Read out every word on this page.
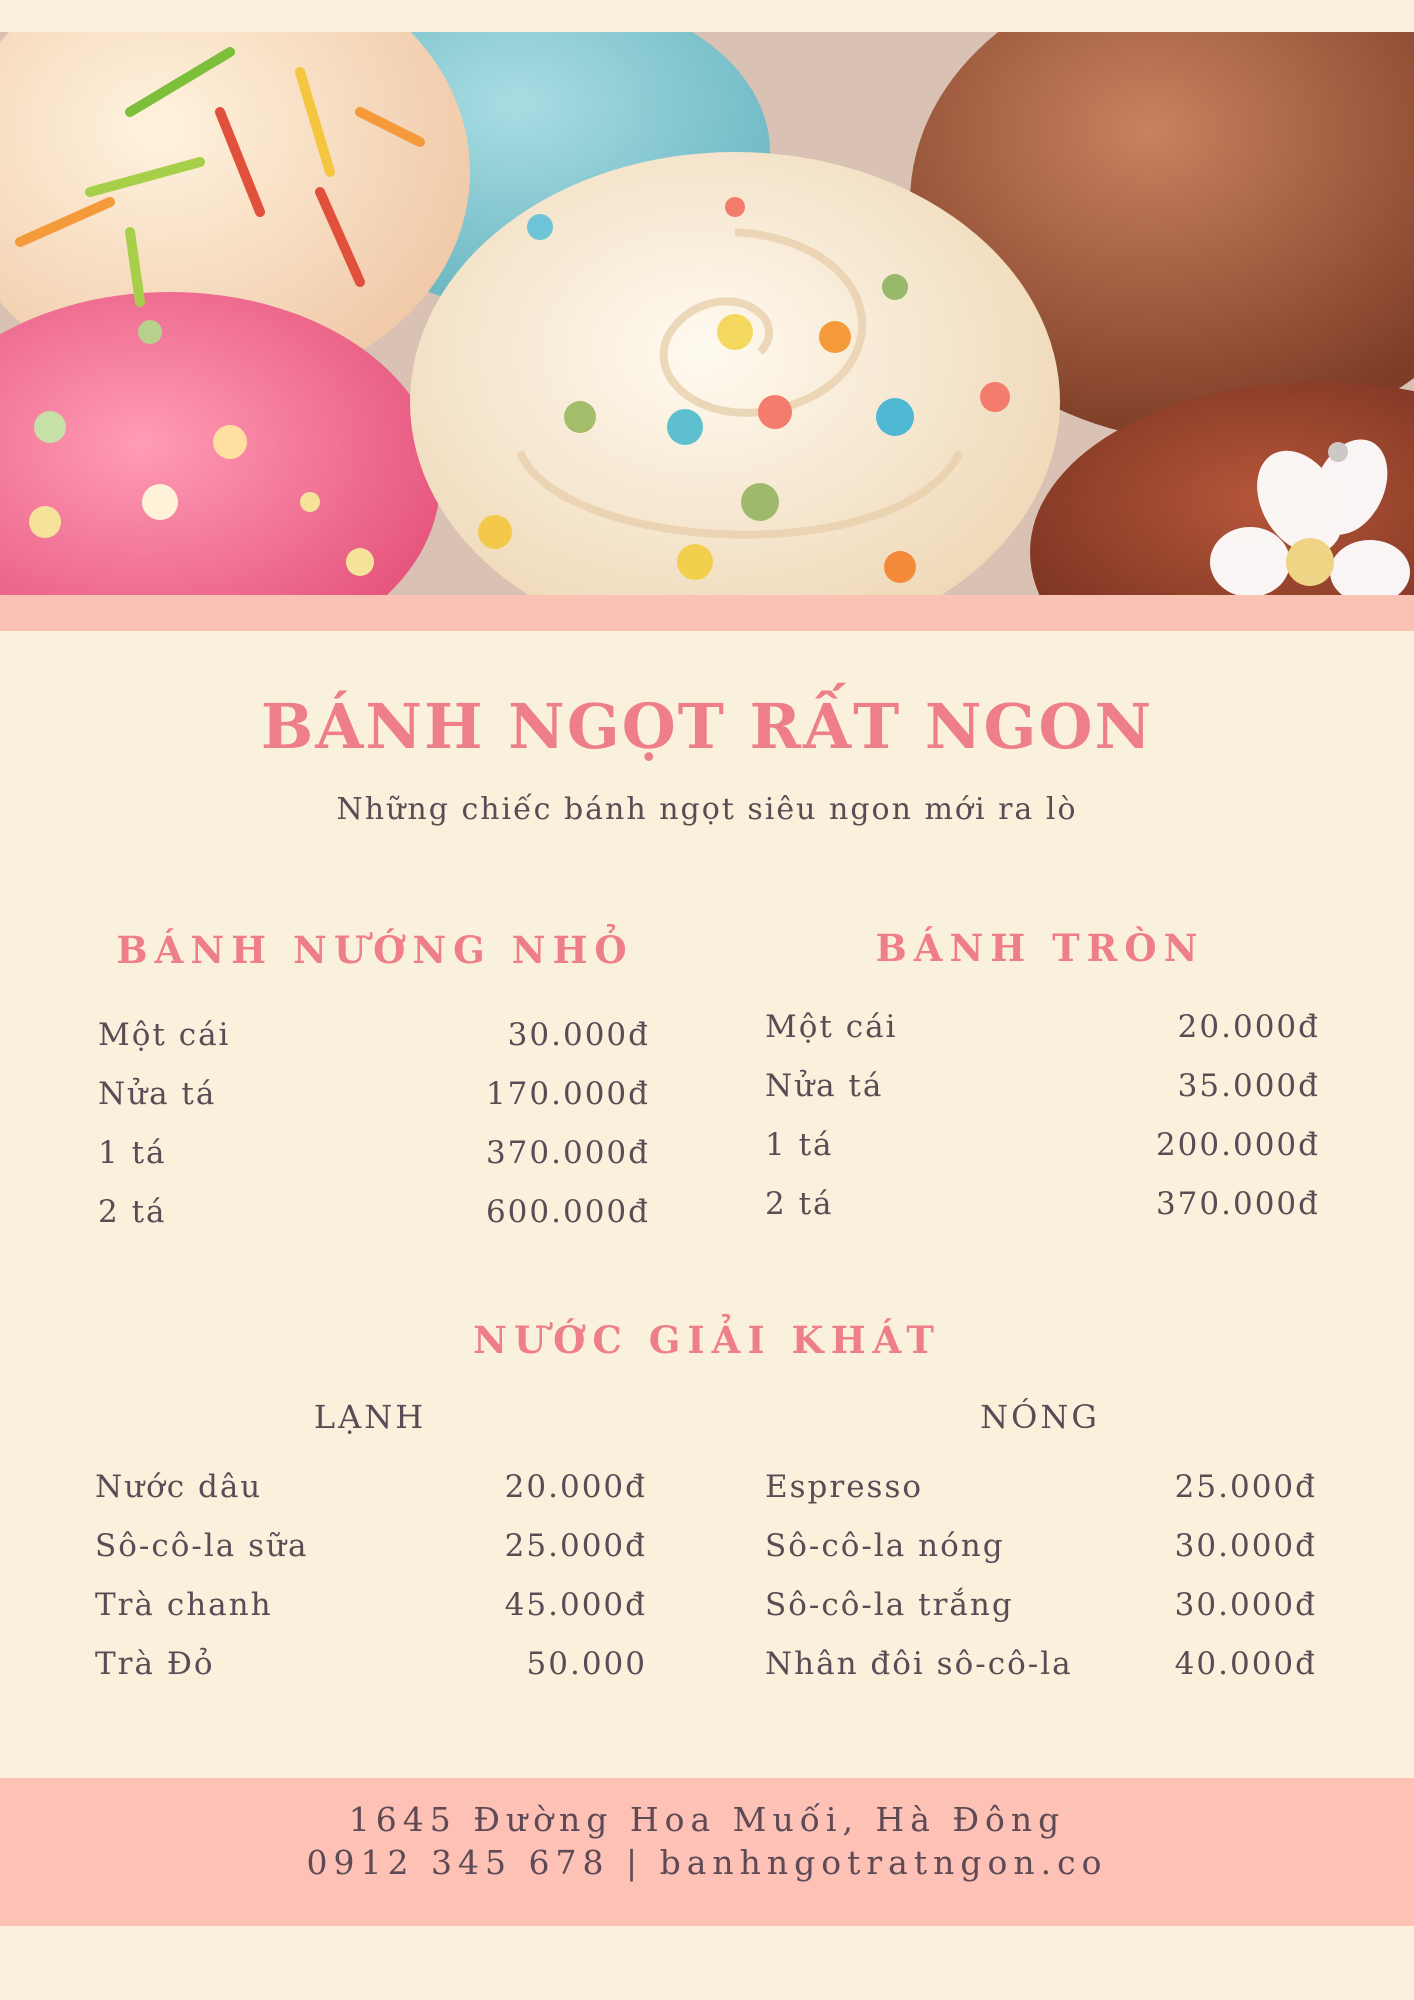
BÁNH NGỌT RẤT NGON
Những chiếc bánh ngọt siêu ngon mới ra lò
BÁNH NƯỚNG NHỎ
Một cái	30.000đ
Nửa tá	170.000đ
1 tá	370.000đ
2 tá	600.000đ
BÁNH TRÒN
Một cái	20.000đ
Nửa tá	35.000đ
1 tá	200.000đ
2 tá	370.000đ
NƯỚC GIẢI KHÁT
LẠNH
Nước dâu	20.000đ
Sô-cô-la sữa	25.000đ
Trà chanh	45.000đ
Trà Đỏ	50.000
NÓNG
Espresso	25.000đ
Sô-cô-la nóng	30.000đ
Sô-cô-la trắng	30.000đ
Nhân đôi sô-cô-la	40.000đ
1645 Đường Hoa Muối, Hà Đông
0912 345 678 | banhngotratngon.co
